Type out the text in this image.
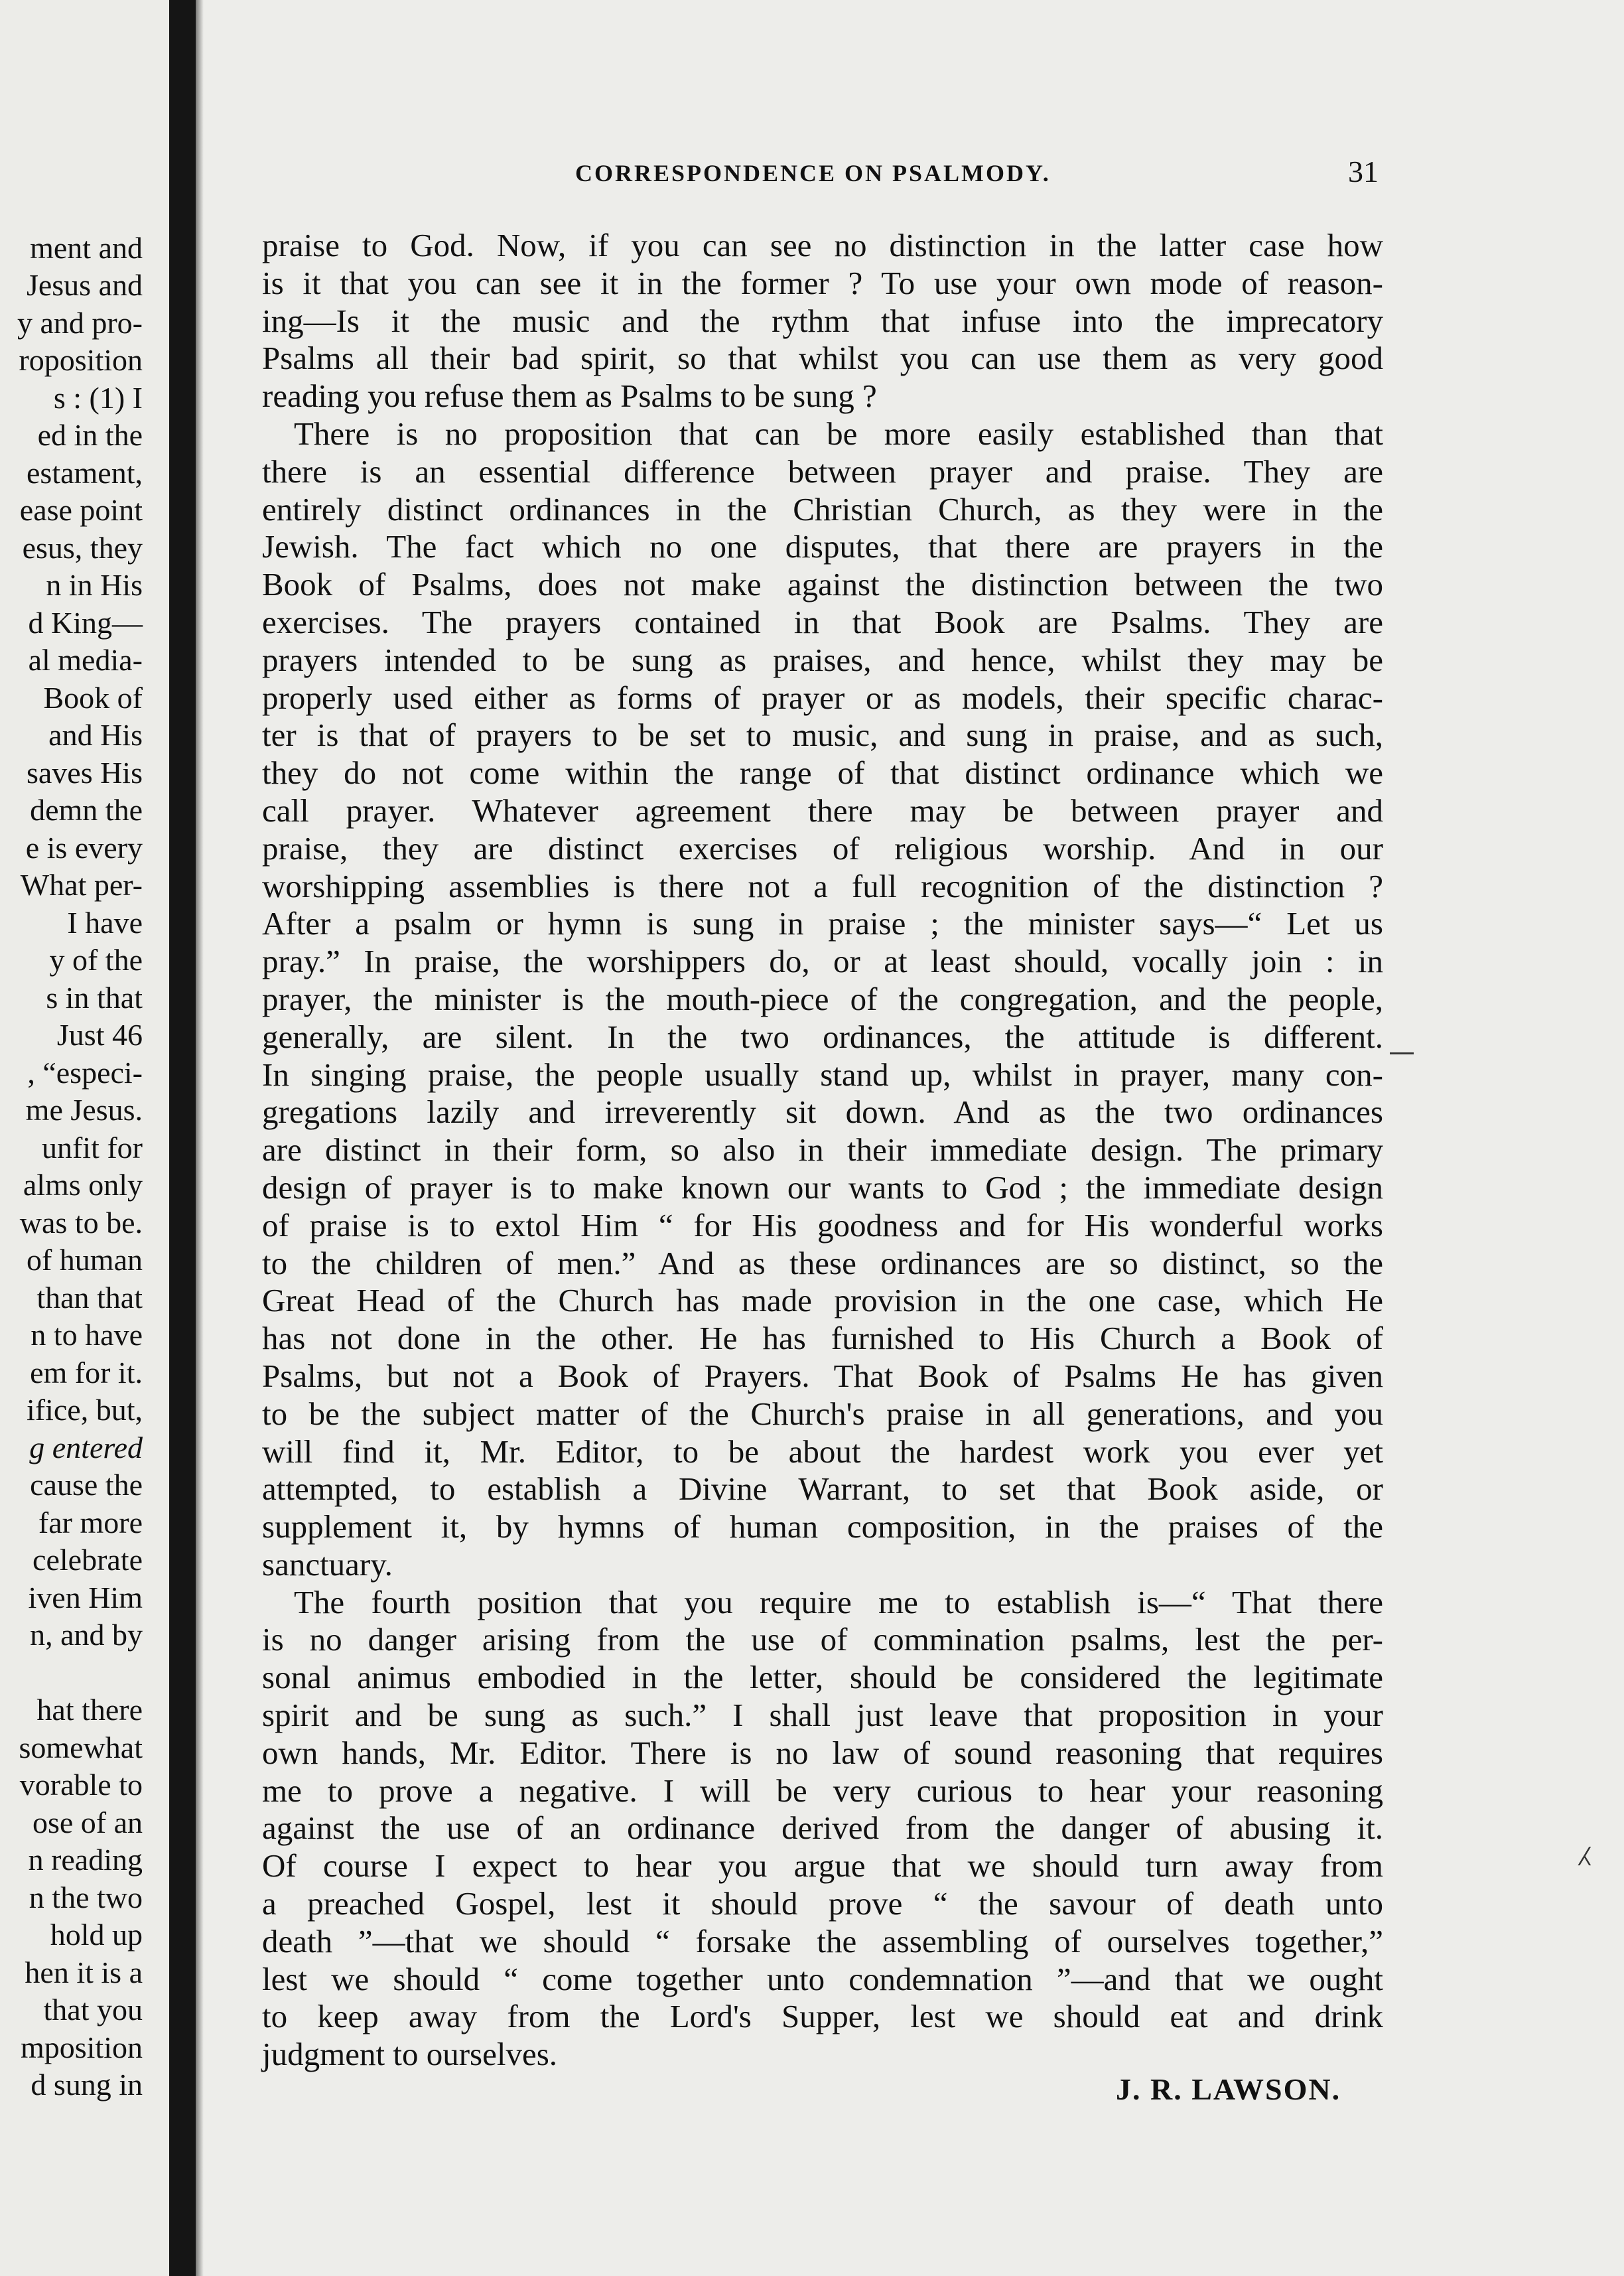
ment and
Jesus and
y and pro-
roposition
s : (1) I
ed in the
estament,
ease point
esus, they
n in His
d King—
al media-
Book of
and His
saves His
demn the
e is every
What per-
I have
y of the
s in that
Just 46
, “especi-
me Jesus.
unfit for
alms only
was to be.
of human
than that
n to have
em for it.
ifice, but,
g entered
cause the
far more
celebrate
iven Him
n, and by
hat there
somewhat
vorable to
ose of an
n reading
n the two
hold up
hen it is a
that you
mposition
d sung in
CORRESPONDENCE ON PSALMODY.	31
praise to God. Now, if you can see no distinction in the latter case how
is it that you can see it in the former ? To use your own mode of reason-
ing—Is it the music and the rythm that infuse into the imprecatory
Psalms all their bad spirit, so that whilst you can use them as very good
reading you refuse them as Psalms to be sung ?
There is no proposition that can be more easily established than that
there is an essential difference between prayer and praise. They are
entirely distinct ordinances in the Christian Church, as they were in the
Jewish. The fact which no one disputes, that there are prayers in the
Book of Psalms, does not make against the distinction between the two
exercises. The prayers contained in that Book are Psalms. They are
prayers intended to be sung as praises, and hence, whilst they may be
properly used either as forms of prayer or as models, their specific charac-
ter is that of prayers to be set to music, and sung in praise, and as such,
they do not come within the range of that distinct ordinance which we
call prayer. Whatever agreement there may be between prayer and
praise, they are distinct exercises of religious worship. And in our
worshipping assemblies is there not a full recognition of the distinction ?
After a psalm or hymn is sung in praise ; the minister says—“ Let us
pray.” In praise, the worshippers do, or at least should, vocally join : in
prayer, the minister is the mouth-piece of the congregation, and the people,
generally, are silent. In the two ordinances, the attitude is different.
In singing praise, the people usually stand up, whilst in prayer, many con-
gregations lazily and irreverently sit down. And as the two ordinances
are distinct in their form, so also in their immediate design. The primary
design of prayer is to make known our wants to God ; the immediate design
of praise is to extol Him “ for His goodness and for His wonderful works
to the children of men.” And as these ordinances are so distinct, so the
Great Head of the Church has made provision in the one case, which He
has not done in the other. He has furnished to His Church a Book of
Psalms, but not a Book of Prayers. That Book of Psalms He has given
to be the subject matter of the Church's praise in all generations, and you
will find it, Mr. Editor, to be about the hardest work you ever yet
attempted, to establish a Divine Warrant, to set that Book aside, or
supplement it, by hymns of human composition, in the praises of the
sanctuary.
The fourth position that you require me to establish is—“ That there
is no danger arising from the use of commination psalms, lest the per-
sonal animus embodied in the letter, should be considered the legitimate
spirit and be sung as such.” I shall just leave that proposition in your
own hands, Mr. Editor. There is no law of sound reasoning that requires
me to prove a negative. I will be very curious to hear your reasoning
against the use of an ordinance derived from the danger of abusing it.
Of course I expect to hear you argue that we should turn away from
a preached Gospel, lest it should prove “ the savour of death unto
death ”—that we should “ forsake the assembling of ourselves together,”
lest we should “ come together unto condemnation ”—and that we ought
to keep away from the Lord's Supper, lest we should eat and drink
judgment to ourselves.
J. R. LAWSON.
⁁
